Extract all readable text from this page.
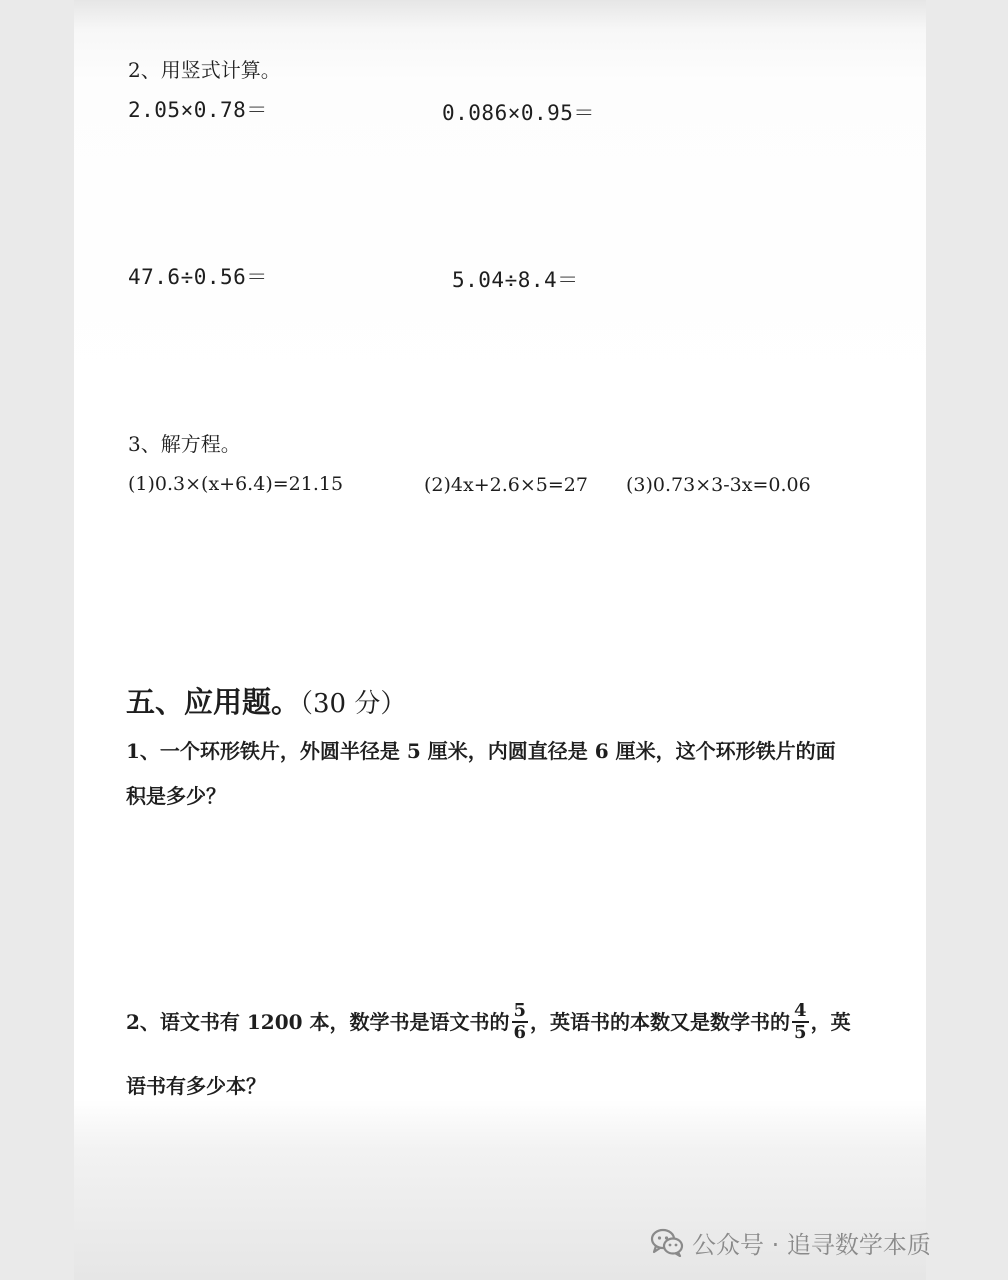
2、用竖式计算。
2.05×0.78＝	0.086×0.95＝
47.6÷0.56＝	5.04÷8.4＝
3、解方程。
(1)0.3×(x+6.4)=21.15	(2)4x+2.6×5=27 (3)0.73×3-3x=0.06
五、应用题。（30 分）
1、一个环形铁片，外圆半径是 5 厘米，内圆直径是 6 厘米，这个环形铁片的面
积是多少？
2、语文书有 1200 本，数学书是语文书的 $\frac{5}{6}$ ，英语书的本数又是数学书的 $\frac{4}{5}$ ，英
语书有多少本？
公众号 · 追寻数学本质
